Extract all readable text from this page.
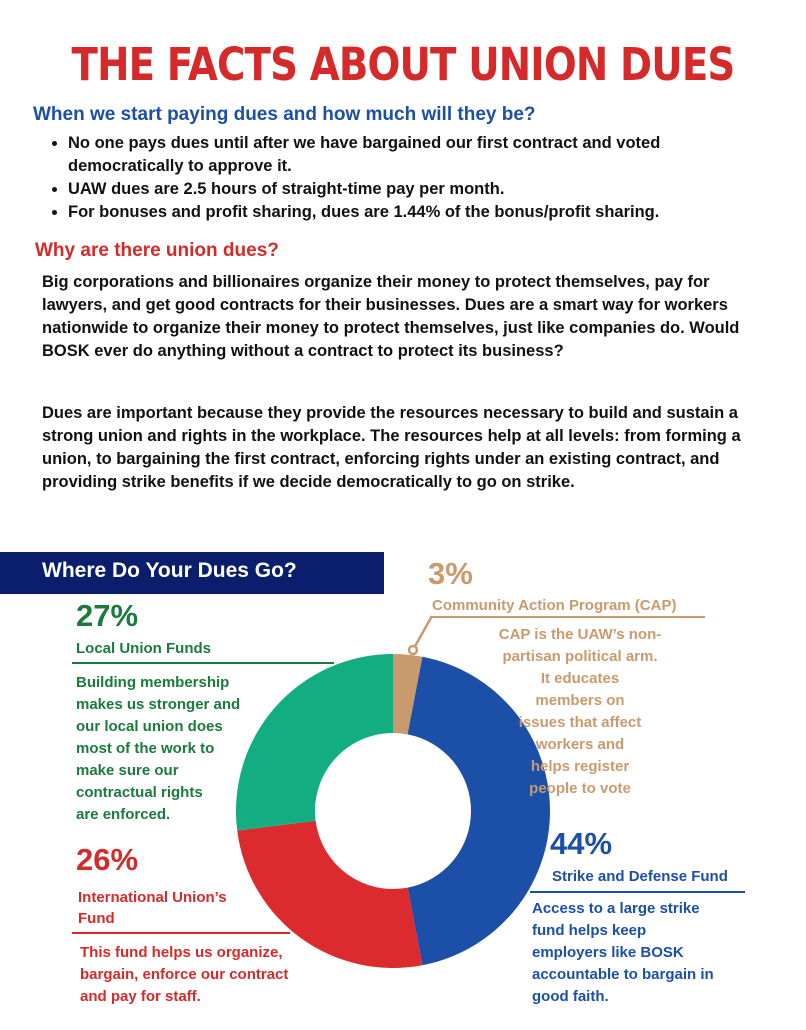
THE FACTS ABOUT UNION DUES
When we start paying dues and how much will they be?
• No one pays dues until after we have bargained our first contract and voted democratically to approve it.
• UAW dues are 2.5 hours of straight-time pay per month.
• For bonuses and profit sharing, dues are 1.44% of the bonus/profit sharing.
Why are there union dues?
Big corporations and billionaires organize their money to protect themselves, pay for lawyers, and get good contracts for their businesses. Dues are a smart way for workers nationwide to organize their money to protect themselves, just like companies do. Would BOSK ever do anything without a contract to protect its business?
Dues are important because they provide the resources necessary to build and sustain a strong union and rights in the workplace. The resources help at all levels: from forming a union, to bargaining the first contract, enforcing rights under an existing contract, and providing strike benefits if we decide democratically to go on strike.
Where Do Your Dues Go?	3%
Community Action Program (CAP)
CAP is the UAW’s non-
partisan political arm.
It educates
members on
issues that affect
workers and
helps register
people to vote
27%
Local Union Funds
Building membership
makes us stronger and
our local union does
most of the work to
make sure our
contractual rights
are enforced.
26%
International Union’s Fund
This fund helps us organize,
bargain, enforce our contract
and pay for staff.
44%
Strike and Defense Fund
Access to a large strike
fund helps keep
employers like BOSK
accountable to bargain in
good faith.
